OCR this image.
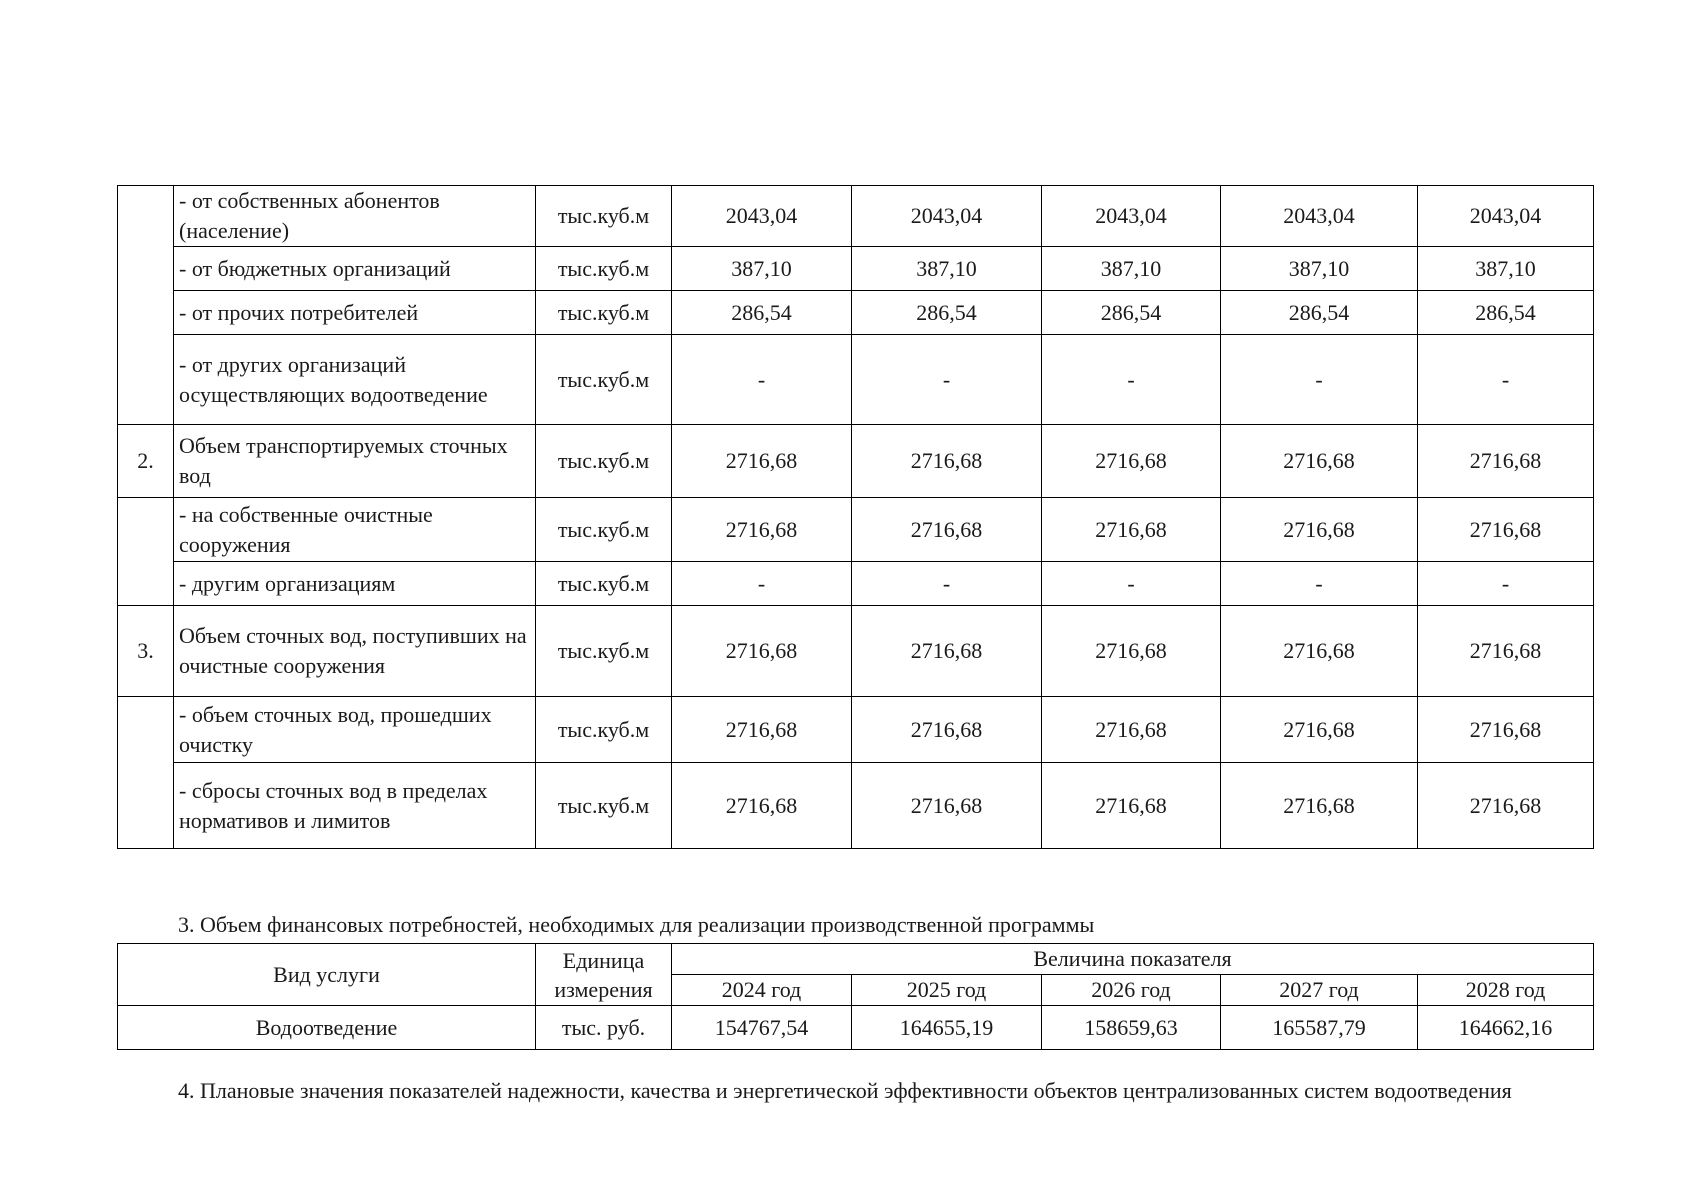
	- от собственных абонентов (население)	тыс.куб.м	2043,04	2043,04	2043,04	2043,04	2043,04
	- от бюджетных организаций	тыс.куб.м	387,10	387,10	387,10	387,10	387,10
	- от прочих потребителей	тыс.куб.м	286,54	286,54	286,54	286,54	286,54
	- от других организаций осуществляющих водоотведение	тыс.куб.м	-	-	-	-	-
2.	Объем транспортируемых сточных вод	тыс.куб.м	2716,68	2716,68	2716,68	2716,68	2716,68
	- на собственные очистные сооружения	тыс.куб.м	2716,68	2716,68	2716,68	2716,68	2716,68
	- другим организациям	тыс.куб.м	-	-	-	-	-
3.	Объем сточных вод, поступивших на очистные сооружения	тыс.куб.м	2716,68	2716,68	2716,68	2716,68	2716,68
	- объем сточных вод, прошедших очистку	тыс.куб.м	2716,68	2716,68	2716,68	2716,68	2716,68
	- сбросы сточных вод в пределах нормативов и лимитов	тыс.куб.м	2716,68	2716,68	2716,68	2716,68	2716,68
3. Объем финансовых потребностей, необходимых для реализации производственной программы
Вид услуги	Единица измерения	Величина показателя				
		2024 год	2025 год	2026 год	2027 год	2028 год
Водоотведение	тыс. руб.	154767,54	164655,19	158659,63	165587,79	164662,16
4. Плановые значения показателей надежности, качества и энергетической эффективности объектов централизованных систем водоотведения
